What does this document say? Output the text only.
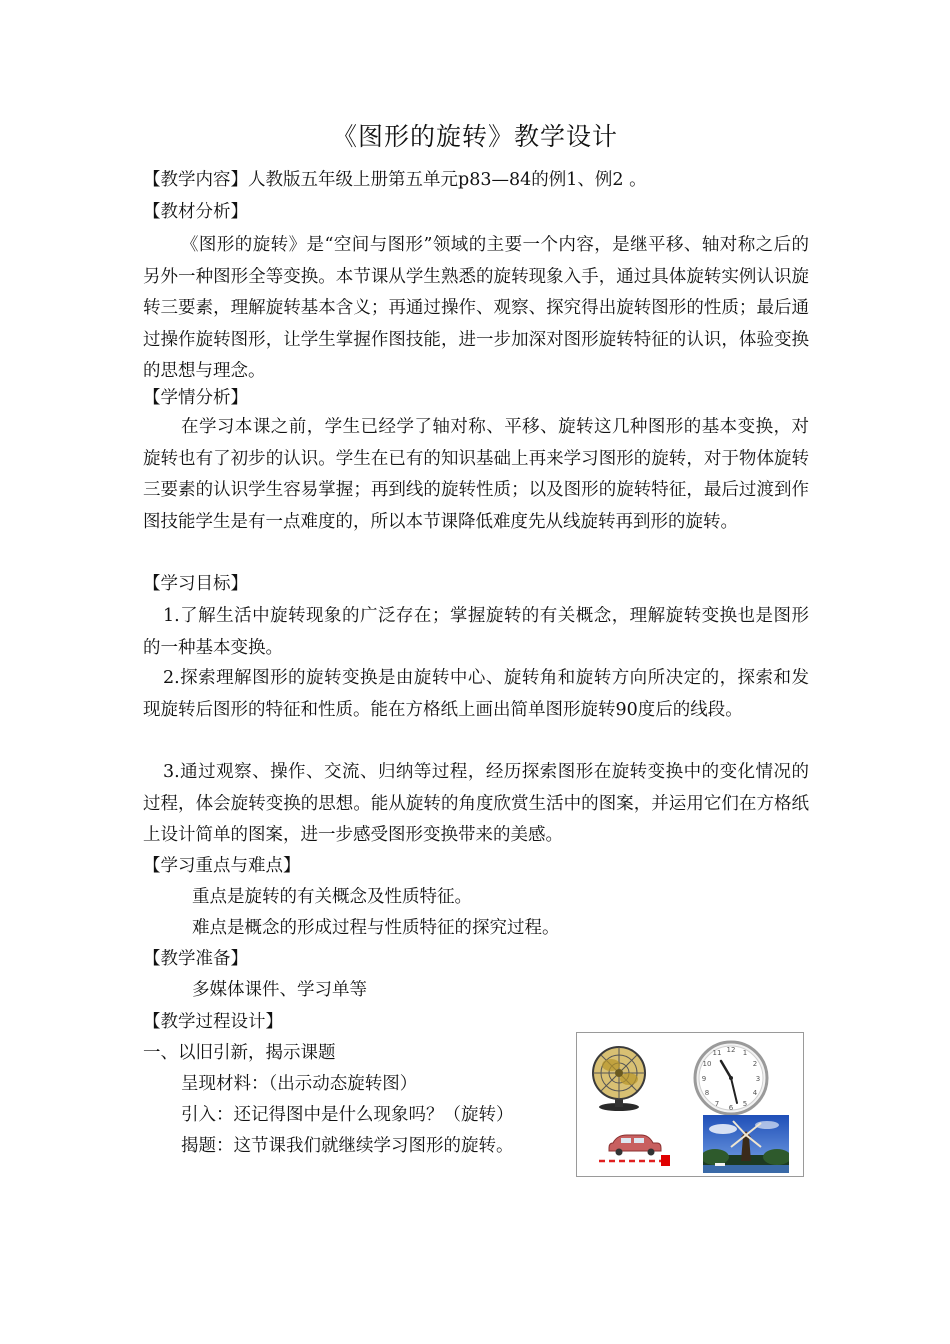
《图形的旋转》教学设计
【教学内容】人教版五年级上册第五单元p83—84的例1、例2 。
【教材分析】
《图形的旋转》是“空间与图形”领域的主要一个内容，是继平移、轴对称之后的另外一种图形全等变换。本节课从学生熟悉的旋转现象入手，通过具体旋转实例认识旋转三要素，理解旋转基本含义；再通过操作、观察、探究得出旋转图形的性质；最后通过操作旋转图形，让学生掌握作图技能，进一步加深对图形旋转特征的认识，体验变换的思想与理念。
【学情分析】
在学习本课之前，学生已经学了轴对称、平移、旋转这几种图形的基本变换，对旋转也有了初步的认识。学生在已有的知识基础上再来学习图形的旋转，对于物体旋转三要素的认识学生容易掌握；再到线的旋转性质；以及图形的旋转特征，最后过渡到作图技能学生是有一点难度的，所以本节课降低难度先从线旋转再到形的旋转。
【学习目标】
1.了解生活中旋转现象的广泛存在；掌握旋转的有关概念，理解旋转变换也是图形的一种基本变换。
2.探索理解图形的旋转变换是由旋转中心、旋转角和旋转方向所决定的，探索和发现旋转后图形的特征和性质。能在方格纸上画出简单图形旋转90度后的线段。
3.通过观察、操作、交流、归纳等过程，经历探索图形在旋转变换中的变化情况的过程，体会旋转变换的思想。能从旋转的角度欣赏生活中的图案，并运用它们在方格纸上设计简单的图案，进一步感受图形变换带来的美感。
【学习重点与难点】
重点是旋转的有关概念及性质特征。
难点是概念的形成过程与性质特征的探究过程。
【教学准备】
多媒体课件、学习单等
【教学过程设计】
一、以旧引新，揭示课题
呈现材料：（出示动态旋转图）
引入：还记得图中是什么现象吗？（旋转）
揭题：这节课我们就继续学习图形的旋转。
12 1
2
3
4
5
6
7
8
9
10
11
